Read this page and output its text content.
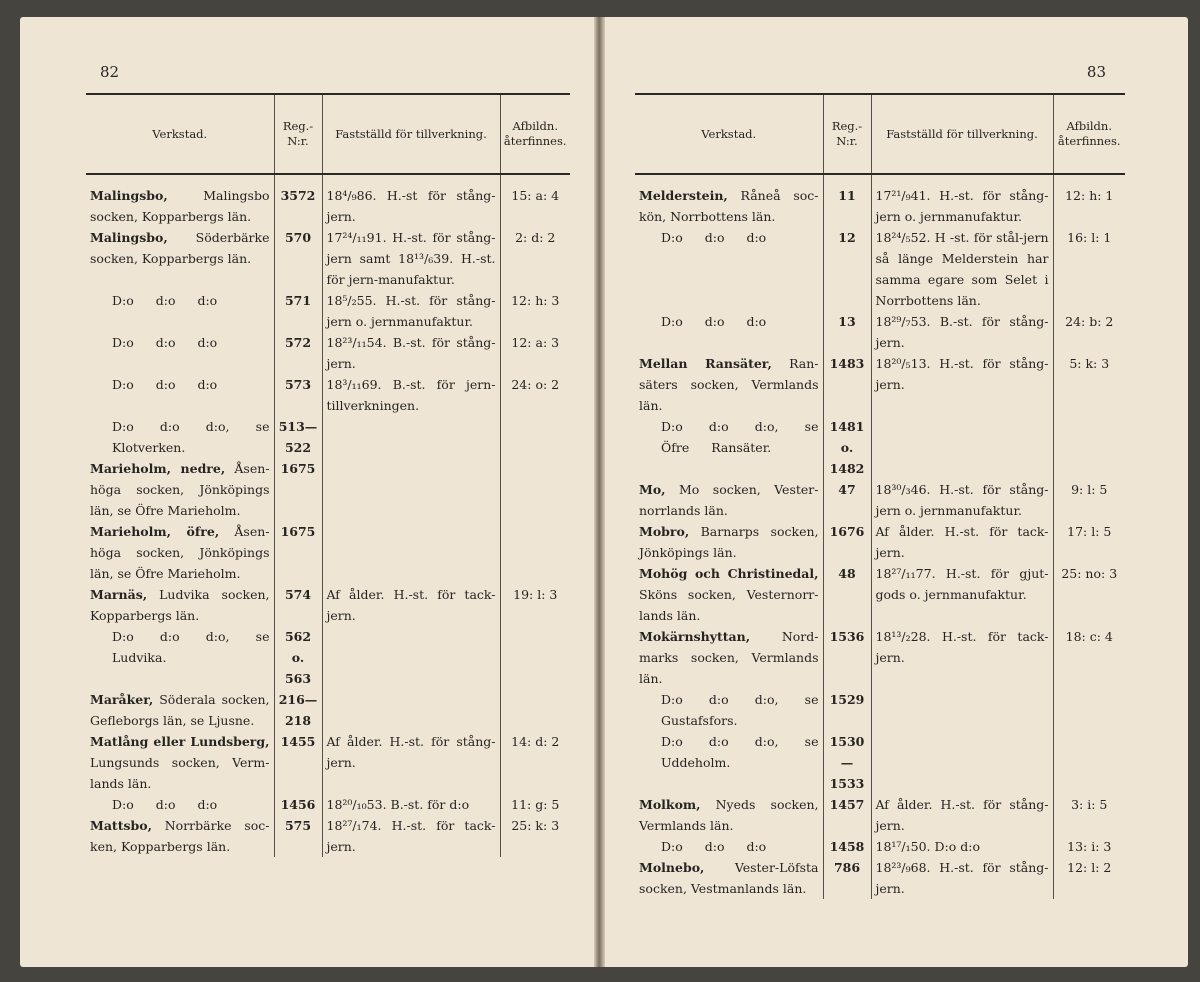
82
Verkstad.	Reg.-N:r.	Fastställd för tillverkning.	Afbildn. återfinnes.
Malingsbo, Malingsbo socken, Kopparbergs län.	3572	18⁴/₉86. H.-st för stång-jern.	15: a: 4
Malingsbo, Söderbärke socken, Kopparbergs län.	570	17²⁴/₁₁91. H.-st. för stång-jern samt 18¹³/₆39. H.-st. för jern-manufaktur.	2: d: 2

D:o d:o d:o	571	18⁵/₂55. H.-st. för stång-jern o. jernmanufaktur.	12: h: 3

D:o d:o d:o	572	18²³/₁₁54. B.-st. för stång-jern.	12: a: 3

D:o d:o d:o	573	18³/₁₁69. B.-st. för jern-tillverkningen.	24: o: 2

D:o d:o d:o, se Klotverken.	513—522		
Marieholm, nedre, Åsen-höga socken, Jönköpings län, se Öfre Marieholm.	1675		
Marieholm, öfre, Åsen-höga socken, Jönköpings län, se Öfre Marieholm.	1675		
Marnäs, Ludvika socken, Kopparbergs län.	574	Af ålder. H.-st. för tack-jern.	19: l: 3

D:o d:o d:o, se Ludvika.	562 o. 563		
Maråker, Söderala socken, Gefleborgs län, se Ljusne.	216—218		
Matlång eller Lundsberg, Lungsunds socken, Verm-lands län.	1455	Af ålder. H.-st. för stång-jern.	14: d: 2

D:o d:o d:o	1456	18²⁰/₁₀53. B.-st. för d:o	11: g: 5
Mattsbo, Norrbärke soc-ken, Kopparbergs län.	575	18²⁷/₁74. H.-st. för tack-jern.	25: k: 3
83
Verkstad.	Reg.-N:r.	Fastställd för tillverkning.	Afbildn. återfinnes.
Melderstein, Råneå soc-kön, Norrbottens län.	11	17²¹/₉41. H.-st. för stång-jern o. jernmanufaktur.	12: h: 1

D:o d:o d:o	12	18²⁴/₅52. H -st. för stål-jern så länge Melderstein har samma egare som Selet i Norrbottens län.	16: l: 1

D:o d:o d:o	13	18²⁹/₇53. B.-st. för stång-jern.	24: b: 2
Mellan Ransäter, Ran-säters socken, Vermlands län.	1483	18²⁰/₅13. H.-st. för stång-jern.	5: k: 3

D:o d:o d:o, se Öfre Ransäter.	1481 o. 1482		
Mo, Mo socken, Vester-norrlands län.	47	18³⁰/₃46. H.-st. för stång-jern o. jernmanufaktur.	9: l: 5
Mobro, Barnarps socken, Jönköpings län.	1676	Af ålder. H.-st. för tack-jern.	17: l: 5
Mohög och Christinedal, Sköns socken, Vesternorr-lands län.	48	18²⁷/₁₁77. H.-st. för gjut-gods o. jernmanufaktur.	25: no: 3
Mokärnshyttan, Nord-marks socken, Vermlands län.	1536	18¹³/₂28. H.-st. för tack-jern.	18: c: 4

D:o d:o d:o, se Gustafsfors.	1529		

D:o d:o d:o, se Uddeholm.	1530—1533		
Molkom, Nyeds socken, Vermlands län.	1457	Af ålder. H.-st. för stång-jern.	3: i: 5

D:o d:o d:o	1458	18¹⁷/₁50. D:o d:o	13: i: 3
Molnebo, Vester-Löfsta socken, Vestmanlands län.	786	18²³/₉68. H.-st. för stång-jern.	12: l: 2
